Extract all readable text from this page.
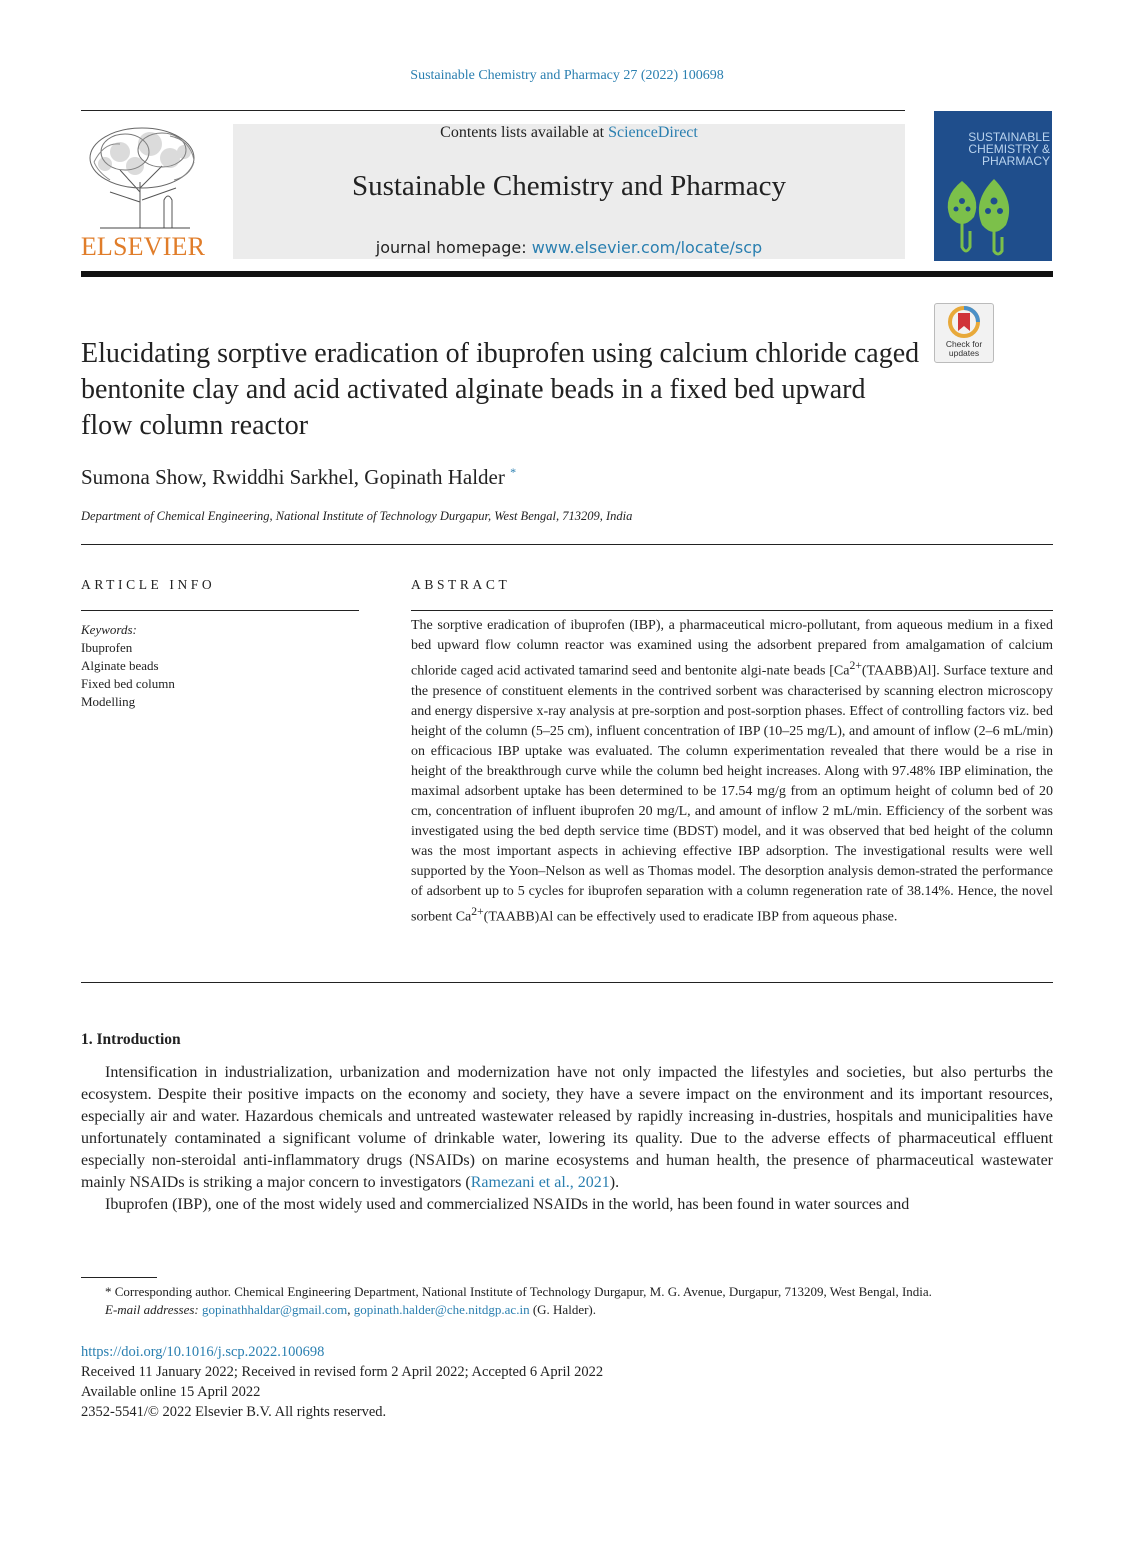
Sustainable Chemistry and Pharmacy 27 (2022) 100698
ELSEVIER
Contents lists available at ScienceDirect
Sustainable Chemistry and Pharmacy
journal homepage: www.elsevier.com/locate/scp
SUSTAINABLE
CHEMISTRY &
PHARMACY
Check for
updates
Elucidating sorptive eradication of ibuprofen using calcium chloride caged bentonite clay and acid activated alginate beads in a fixed bed upward flow column reactor
Sumona Show, Rwiddhi Sarkhel, Gopinath Halder *
Department of Chemical Engineering, National Institute of Technology Durgapur, West Bengal, 713209, India
ARTICLE INFO
Keywords:
Ibuprofen
Alginate beads
Fixed bed column
Modelling
ABSTRACT
The sorptive eradication of ibuprofen (IBP), a pharmaceutical micro-pollutant, from aqueous medium in a fixed bed upward flow column reactor was examined using the adsorbent prepared from amalgamation of calcium chloride caged acid activated tamarind seed and bentonite algi-nate beads $[Ca^{2+}(TAABB)Al]$. Surface texture and the presence of constituent elements in the contrived sorbent was characterised by scanning electron microscopy and energy dispersive x-ray analysis at pre-sorption and post-sorption phases. Effect of controlling factors viz. bed height of the column (5–25 cm), influent concentration of IBP (10–25 mg/L), and amount of inflow (2–6 mL/min) on efficacious IBP uptake was evaluated. The column experimentation revealed that there would be a rise in height of the breakthrough curve while the column bed height increases. Along with 97.48% IBP elimination, the maximal adsorbent uptake has been determined to be 17.54 mg/g from an optimum height of column bed of 20 cm, concentration of influent ibuprofen 20 mg/L, and amount of inflow 2 mL/min. Efficiency of the sorbent was investigated using the bed depth service time (BDST) model, and it was observed that bed height of the column was the most important aspects in achieving effective IBP adsorption. The investigational results were well supported by the Yoon–Nelson as well as Thomas model. The desorption analysis demon-strated the performance of adsorbent up to 5 cycles for ibuprofen separation with a column regeneration rate of 38.14%. Hence, the novel sorbent $Ca^{2+}(TAABB)Al$ can be effectively used to eradicate IBP from aqueous phase.
1. Introduction

Intensification in industrialization, urbanization and modernization have not only impacted the lifestyles and societies, but also perturbs the ecosystem. Despite their positive impacts on the economy and society, they have a severe impact on the environment and its important resources, especially air and water. Hazardous chemicals and untreated wastewater released by rapidly increasing in-dustries, hospitals and municipalities have unfortunately contaminated a significant volume of drinkable water, lowering its quality. Due to the adverse effects of pharmaceutical effluent especially non-steroidal anti-inflammatory drugs (NSAIDs) on marine ecosystems and human health, the presence of pharmaceutical wastewater mainly NSAIDs is striking a major concern to investigators (Ramezani et al., 2021).

Ibuprofen (IBP), one of the most widely used and commercialized NSAIDs in the world, has been found in water sources and

* Corresponding author. Chemical Engineering Department, National Institute of Technology Durgapur, M. G. Avenue, Durgapur, 713209, West Bengal, India.
E-mail addresses: gopinathhaldar@gmail.com, gopinath.halder@che.nitdgp.ac.in (G. Halder).
https://doi.org/10.1016/j.scp.2022.100698
Received 11 January 2022; Received in revised form 2 April 2022; Accepted 6 April 2022
Available online 15 April 2022
2352-5541/© 2022 Elsevier B.V. All rights reserved.
